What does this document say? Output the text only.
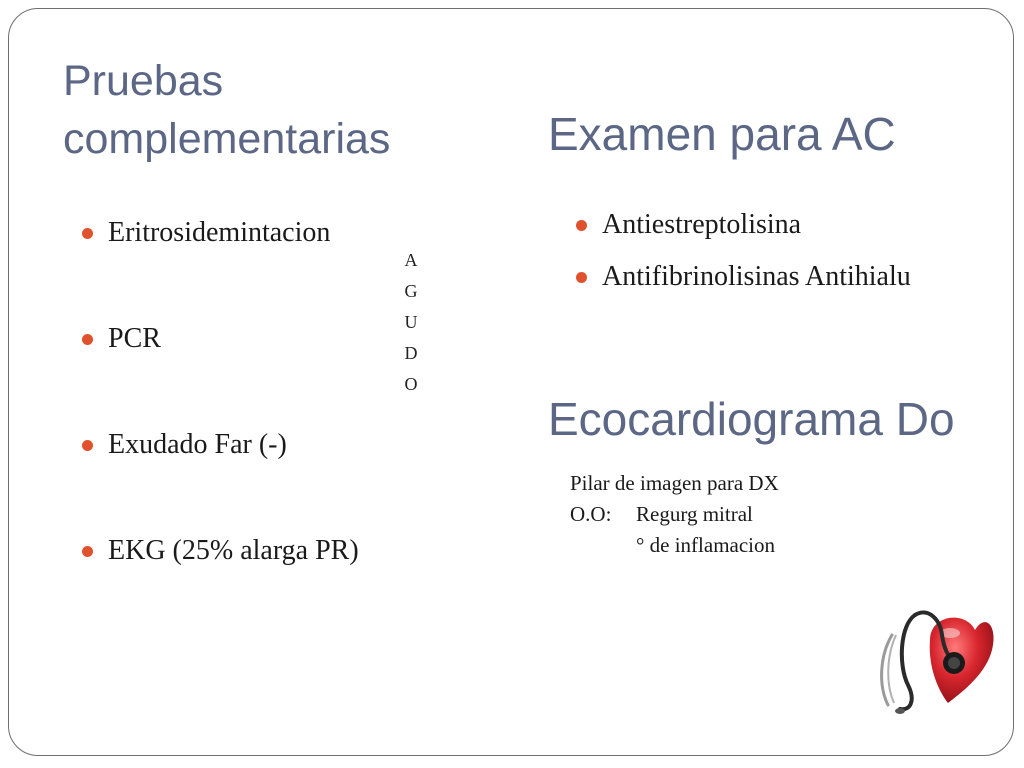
Pruebas
complementarias	Examen para AC
Eritrosidemintacion
PCR
Exudado Far (-)
EKG (25% alarga PR)
A
G
U
D
O
Antiestreptolisina
Antifibrinolisinas Antihialu
Ecocardiograma Do
Pilar de imagen para DX
O.O: Regurg mitral
° de inflamacion
